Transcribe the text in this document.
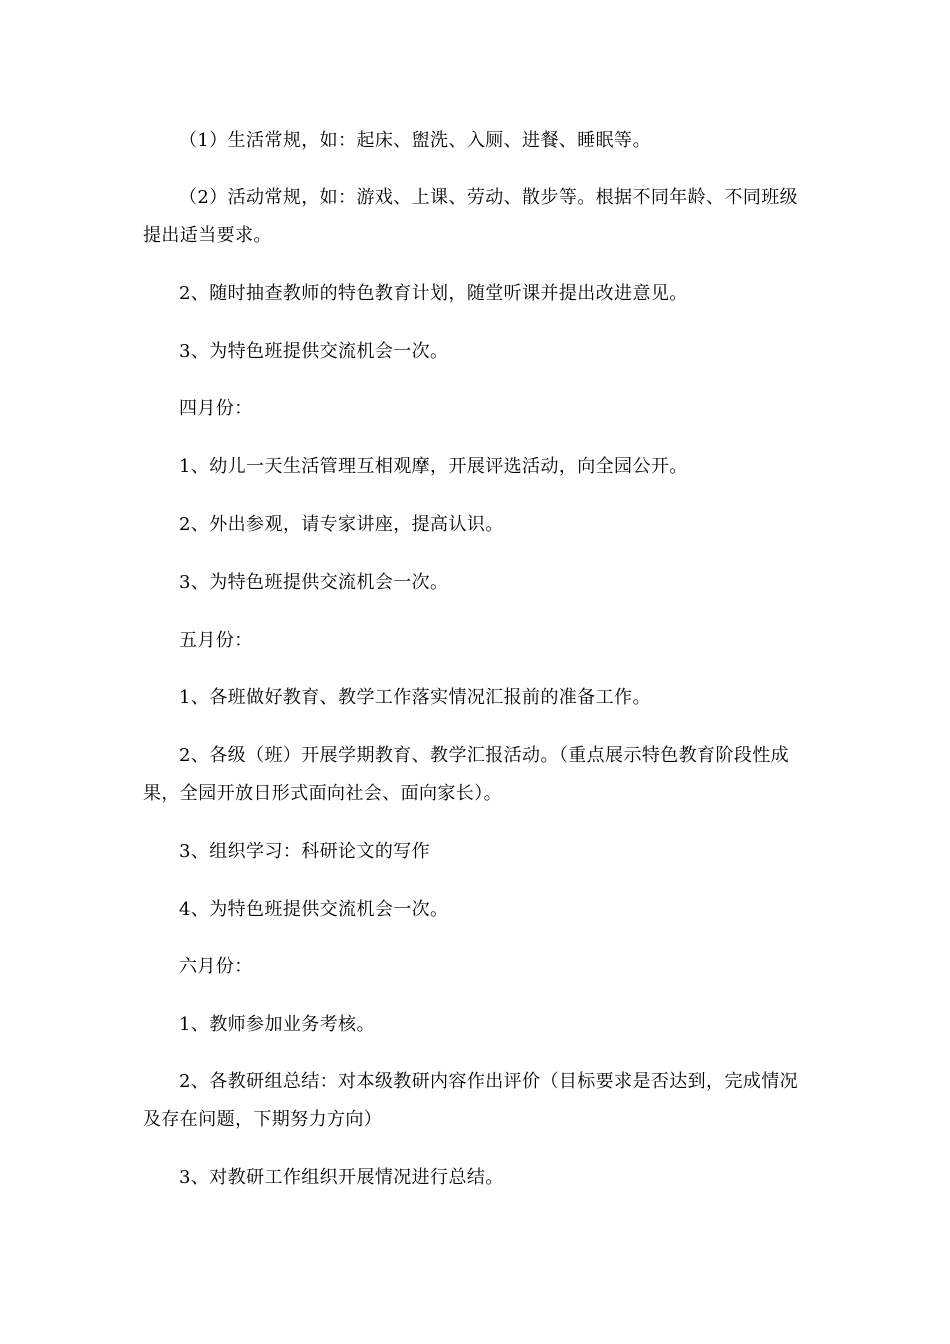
（1）生活常规，如：起床、盥洗、入厕、进餐、睡眠等。

（2）活动常规，如：游戏、上课、劳动、散步等。根据不同年龄、不同班级提出适当要求。

2、随时抽查教师的特色教育计划，随堂听课并提出改进意见。

3、为特色班提供交流机会一次。

四月份：

1、幼儿一天生活管理互相观摩，开展评选活动，向全园公开。

2、外出参观，请专家讲座，提高认识。

3、为特色班提供交流机会一次。

五月份：

1、各班做好教育、教学工作落实情况汇报前的准备工作。

2、各级（班）开展学期教育、教学汇报活动。（重点展示特色教育阶段性成果，全园开放日形式面向社会、面向家长）。

3、组织学习：科研论文的写作

4、为特色班提供交流机会一次。

六月份：

1、教师参加业务考核。

2、各教研组总结：对本级教研内容作出评价（目标要求是否达到，完成情况及存在问题，下期努力方向）

3、对教研工作组织开展情况进行总结。
